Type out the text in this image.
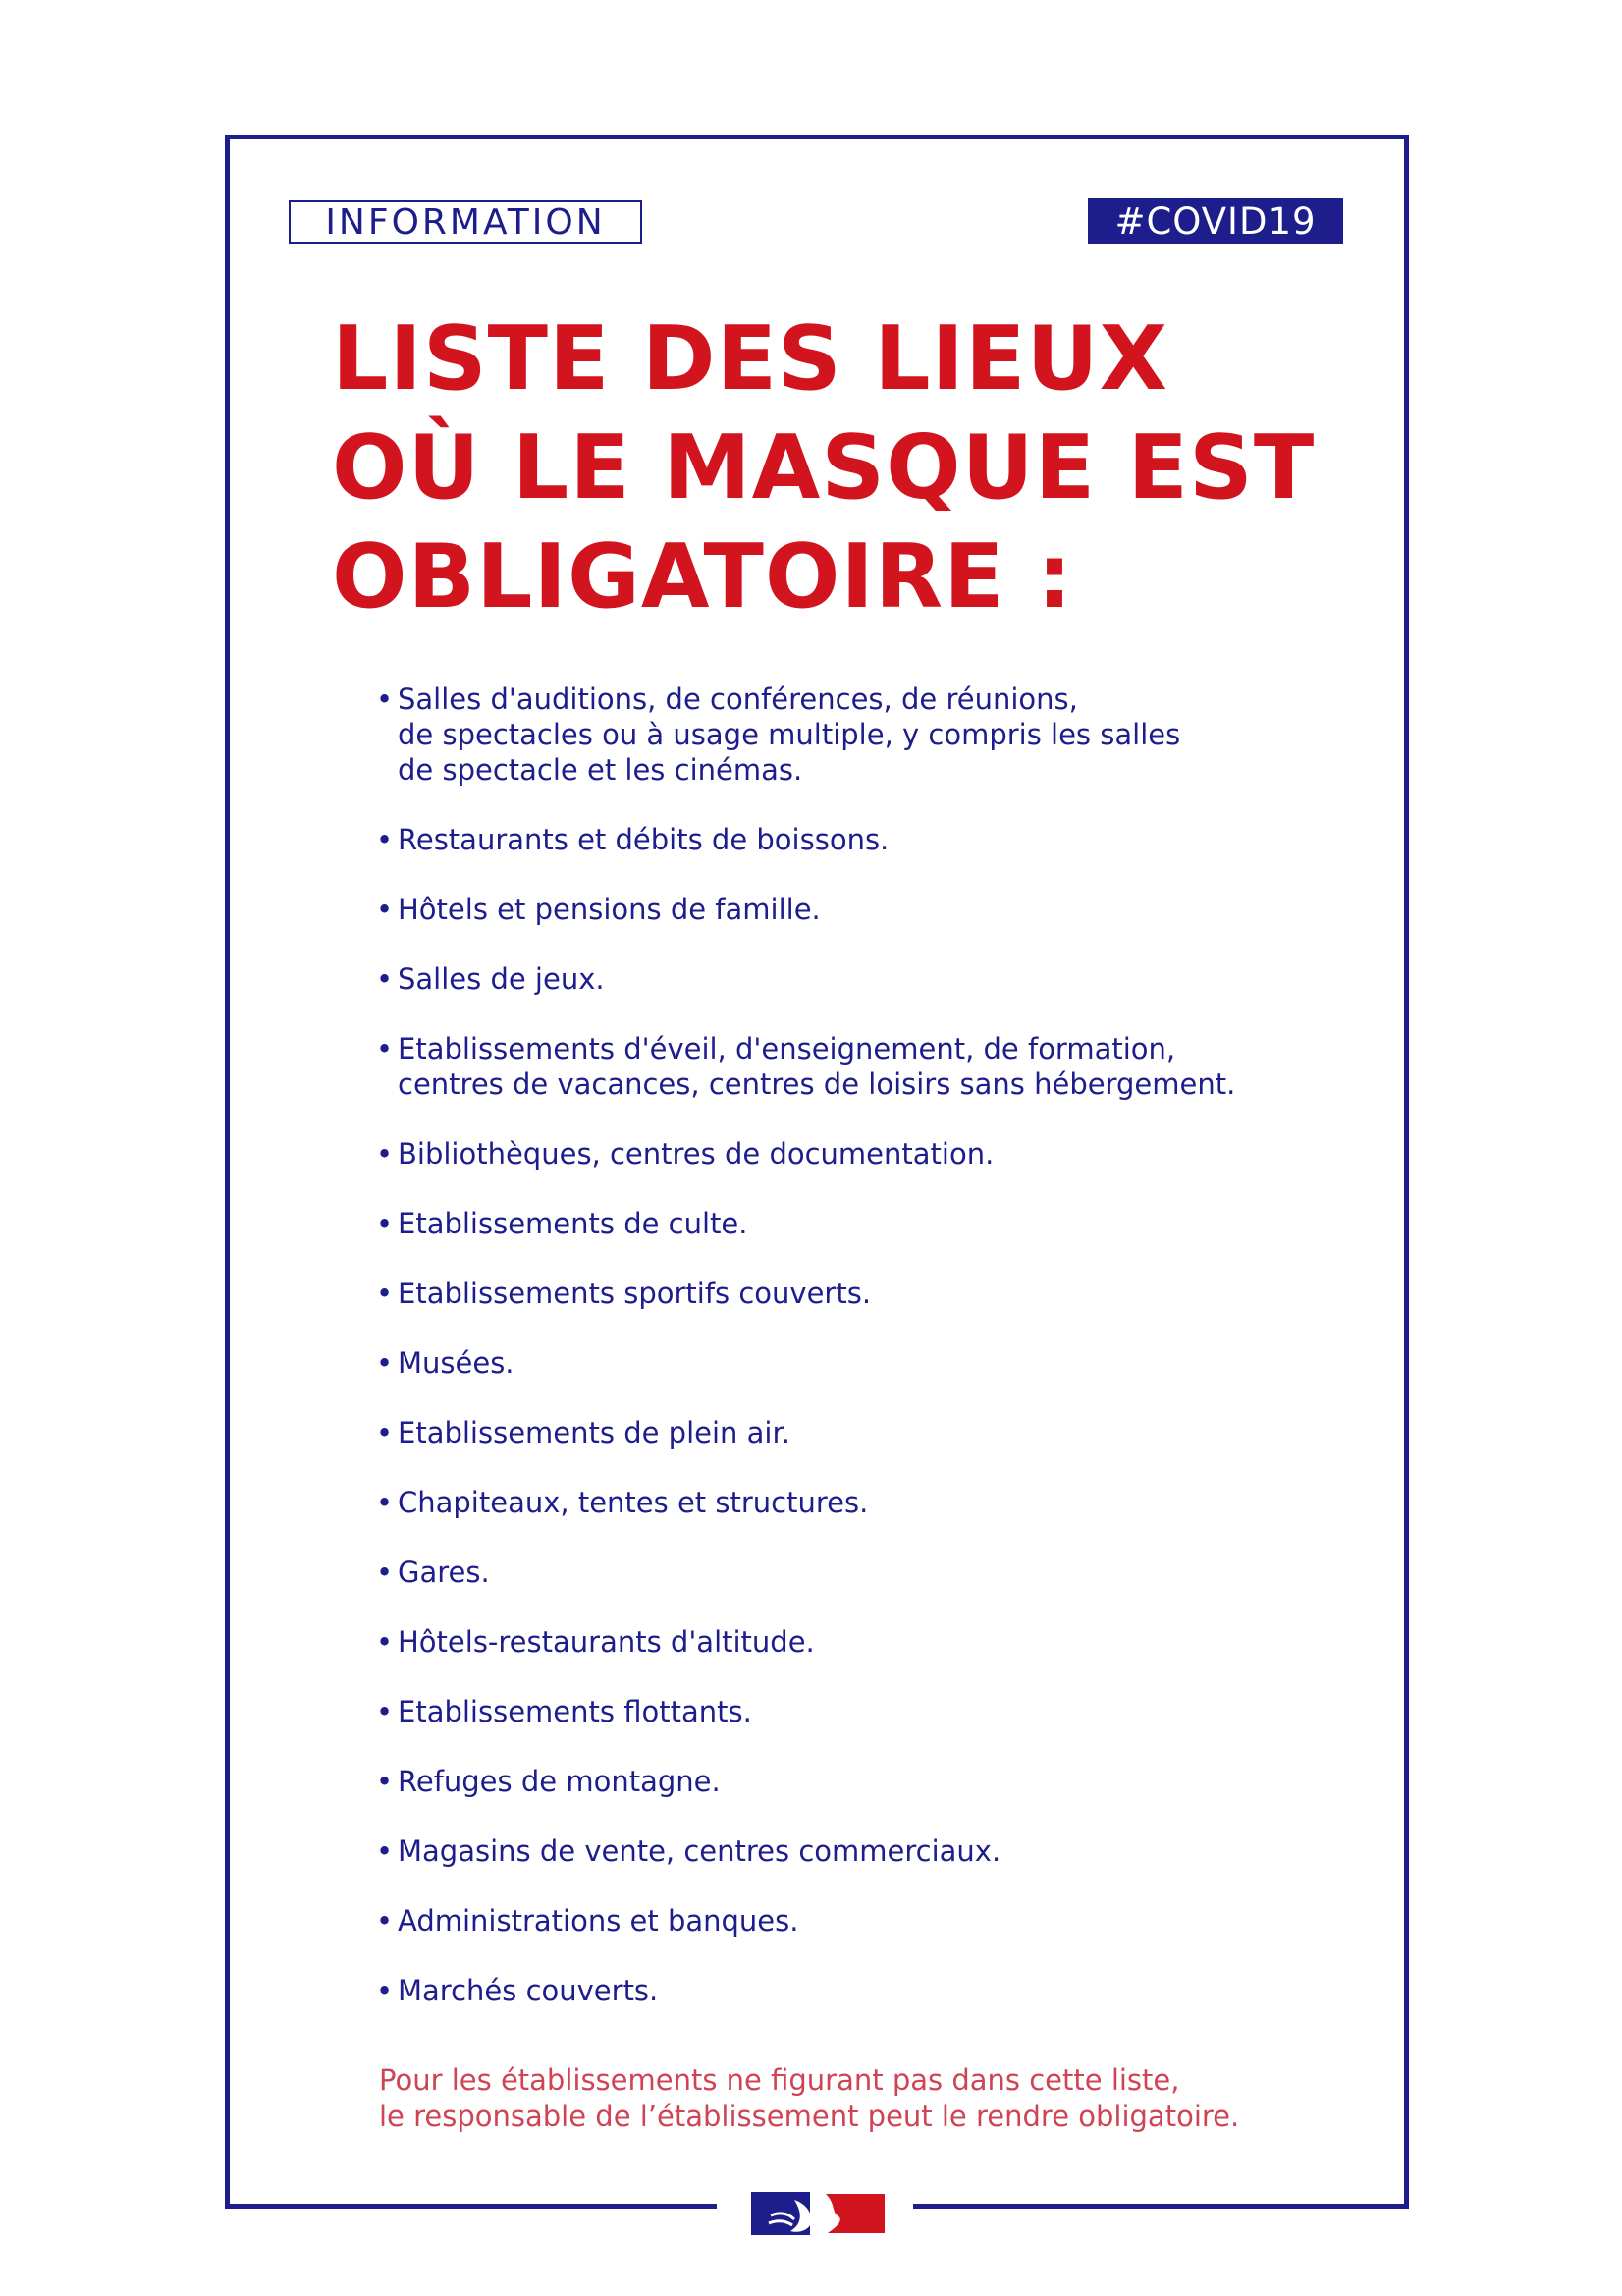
INFORMATION	#COVID19
LISTE DES LIEUX
OÙ LE MASQUE EST
OBLIGATOIRE :
• Salles d'auditions, de conférences, de réunions,
de spectacles ou à usage multiple, y compris les salles
de spectacle et les cinémas.
• Restaurants et débits de boissons.
• Hôtels et pensions de famille.
• Salles de jeux.
• Etablissements d'éveil, d'enseignement, de formation,
centres de vacances, centres de loisirs sans hébergement.
• Bibliothèques, centres de documentation.
• Etablissements de culte.
• Etablissements sportifs couverts.
• Musées.
• Etablissements de plein air.
• Chapiteaux, tentes et structures.
• Gares.
• Hôtels-restaurants d'altitude.
• Etablissements flottants.
• Refuges de montagne.
• Magasins de vente, centres commerciaux.
• Administrations et banques.
• Marchés couverts.
Pour les établissements ne figurant pas dans cette liste,
le responsable de l’établissement peut le rendre obligatoire.
